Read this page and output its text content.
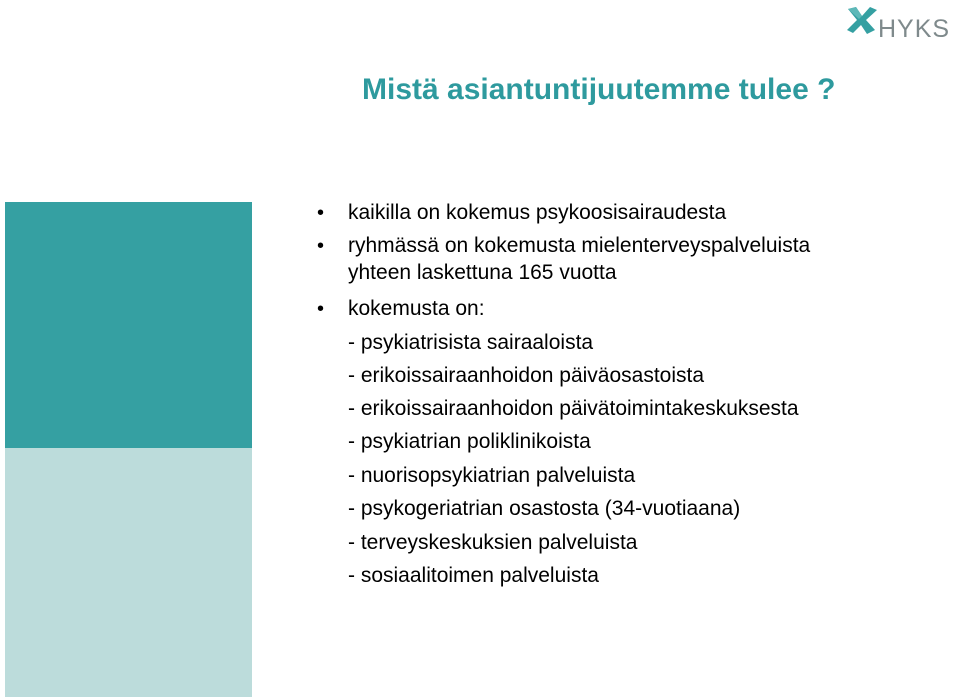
HYKS
Mistä asiantuntijuutemme tulee ?
• kaikilla on kokemus psykoosisairaudesta
• ryhmässä on kokemusta mielenterveyspalveluista
yhteen laskettuna 165 vuotta
• kokemusta on:
- psykiatrisista sairaaloista
- erikoissairaanhoidon päiväosastoista
- erikoissairaanhoidon päivätoimintakeskuksesta
- psykiatrian poliklinikoista
- nuorisopsykiatrian palveluista
- psykogeriatrian osastosta (34-vuotiaana)
- terveyskeskuksien palveluista
- sosiaalitoimen palveluista
